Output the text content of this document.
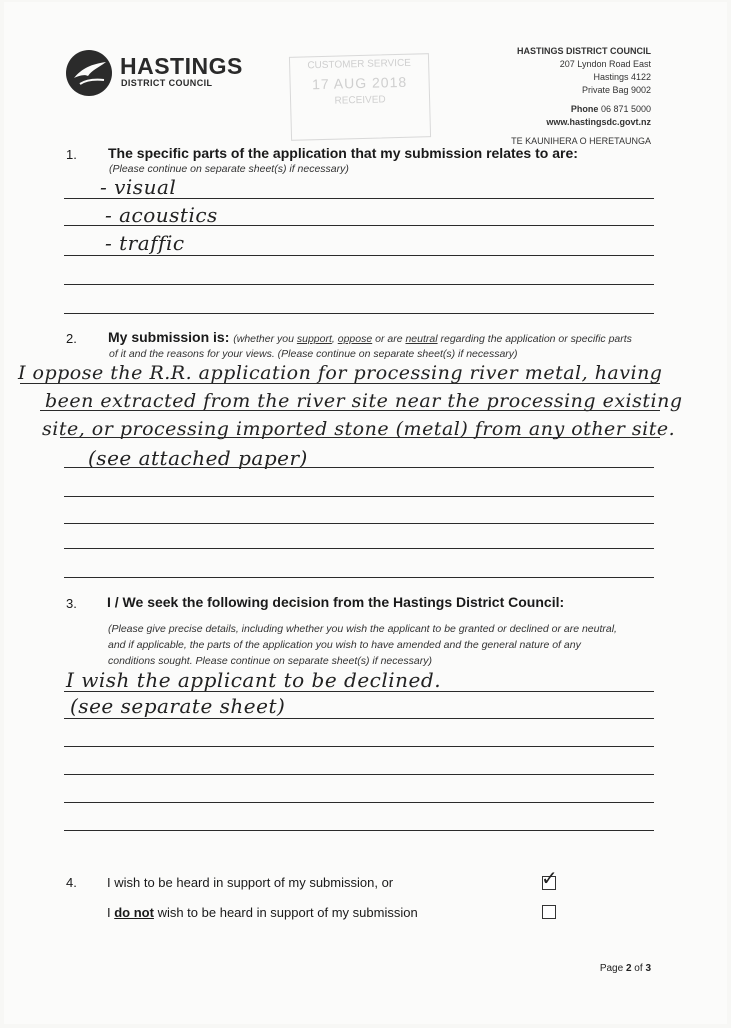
HASTINGS
DISTRICT COUNCIL
HASTINGS DISTRICT COUNCIL
207 Lyndon Road East
Hastings 4122
Private Bag 9002
Phone 06 871 5000
www.hastingsdc.govt.nz
TE KAUNIHERA O HERETAUNGA
CUSTOMER SERVICE
17 AUG 2018
RECEIVED
1. The specific parts of the application that my submission relates to are:
(Please continue on separate sheet(s) if necessary)
- visual
- acoustics
- traffic
2. My submission is: (whether you support, oppose or are neutral regarding the application or specific parts
of it and the reasons for your views. (Please continue on separate sheet(s) if necessary)
I oppose the R.R. application for processing river metal, having
been extracted from the river site near the processing existing
site, or processing imported stone (metal) from any other site.
(see attached paper)
3. I / We seek the following decision from the Hastings District Council:
(Please give precise details, including whether you wish the applicant to be granted or declined or are neutral,
and if applicable, the parts of the application you wish to have amended and the general nature of any
conditions sought. Please continue on separate sheet(s) if necessary)
I wish the applicant to be declined.
(see separate sheet)
4. I wish to be heard in support of my submission, or	✓
I do not wish to be heard in support of my submission
Page 2 of 3
